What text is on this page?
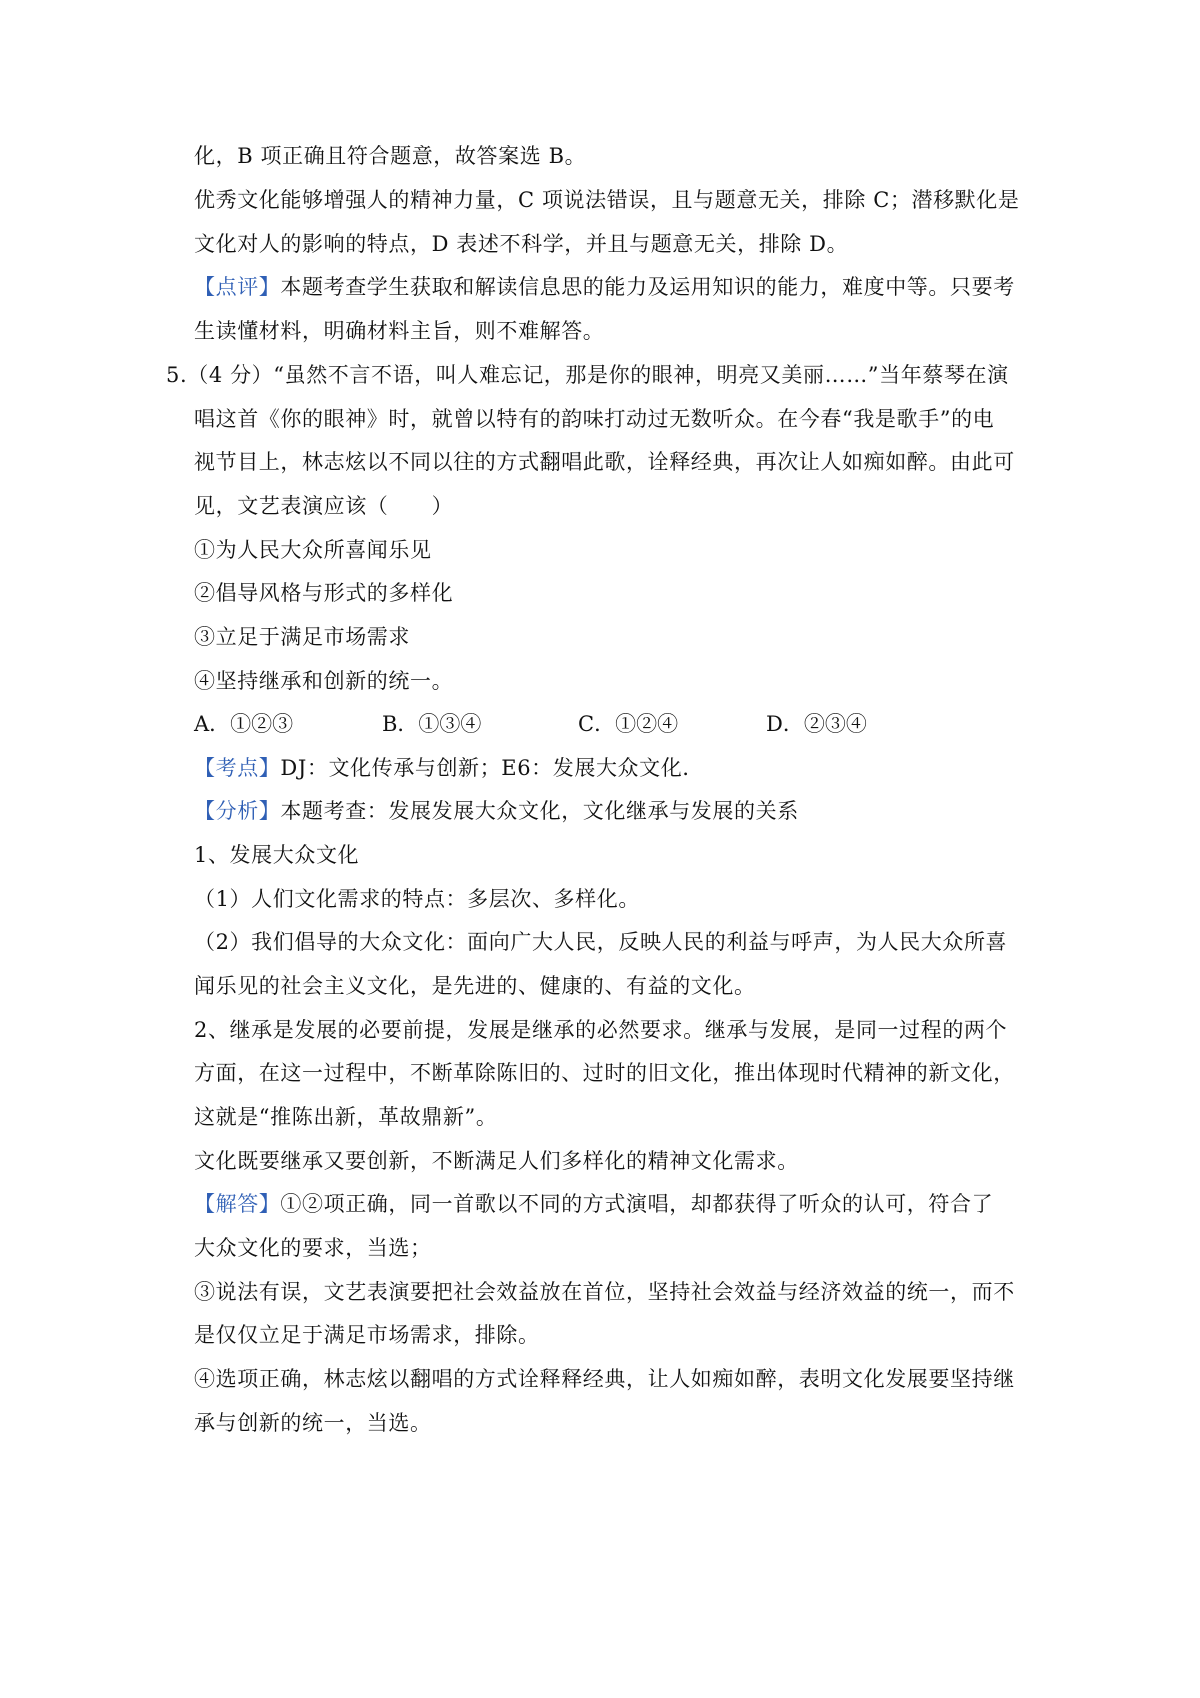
化，B 项正确且符合题意，故答案选 B。
优秀文化能够增强人的精神力量，C 项说法错误，且与题意无关，排除 C；潜移默化是
文化对人的影响的特点，D 表述不科学，并且与题意无关，排除 D。
【点评】本题考查学生获取和解读信息思的能力及运用知识的能力，难度中等。只要考
生读懂材料，明确材料主旨，则不难解答。
5.（4 分）“虽然不言不语，叫人难忘记，那是你的眼神，明亮又美丽……”当年蔡琴在演
唱这首《你的眼神》时，就曾以特有的韵味打动过无数听众。在今春“我是歌手”的电
视节目上，林志炫以不同以往的方式翻唱此歌，诠释经典，再次让人如痴如醉。由此可
见，文艺表演应该（　　）
①为人民大众所喜闻乐见
②倡导风格与形式的多样化
③立足于满足市场需求
④坚持继承和创新的统一。
A．①②③	B．①③④	C．①②④	D．②③④
【考点】DJ：文化传承与创新；E6：发展大众文化．
【分析】本题考查：发展发展大众文化，文化继承与发展的关系
1、发展大众文化
（1）人们文化需求的特点：多层次、多样化。
（2）我们倡导的大众文化：面向广大人民，反映人民的利益与呼声，为人民大众所喜
闻乐见的社会主义文化，是先进的、健康的、有益的文化。
2、继承是发展的必要前提，发展是继承的必然要求。继承与发展，是同一过程的两个
方面，在这一过程中，不断革除陈旧的、过时的旧文化，推出体现时代精神的新文化，
这就是“推陈出新，革故鼎新”。
文化既要继承又要创新，不断满足人们多样化的精神文化需求。
【解答】①②项正确，同一首歌以不同的方式演唱，却都获得了听众的认可，符合了
大众文化的要求，当选；
③说法有误，文艺表演要把社会效益放在首位，坚持社会效益与经济效益的统一，而不
是仅仅立足于满足市场需求，排除。
④选项正确，林志炫以翻唱的方式诠释释经典，让人如痴如醉，表明文化发展要坚持继
承与创新的统一，当选。
